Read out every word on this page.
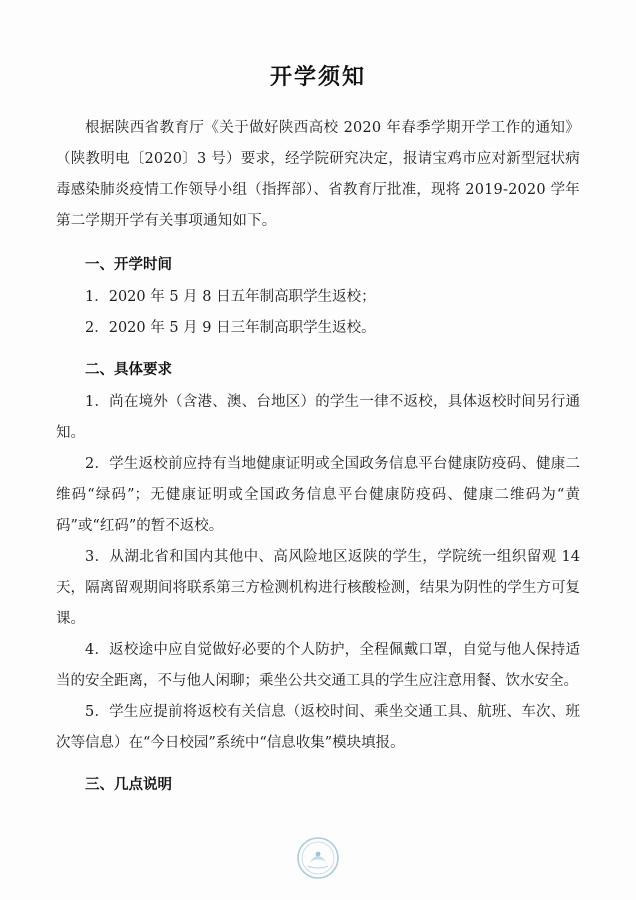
开学须知

根据陕西省教育厅《关于做好陕西高校 2020 年春季学期开学工作的通知》（陕教明电〔2020〕3 号）要求，经学院研究决定，报请宝鸡市应对新型冠状病毒感染肺炎疫情工作领导小组（指挥部）、省教育厅批准，现将 2019-2020 学年第二学期开学有关事项通知如下。

一、开学时间

1．2020 年 5 月 8 日五年制高职学生返校；

2．2020 年 5 月 9 日三年制高职学生返校。

二、具体要求

1．尚在境外（含港、澳、台地区）的学生一律不返校，具体返校时间另行通知。

2．学生返校前应持有当地健康证明或全国政务信息平台健康防疫码、健康二维码“绿码”；无健康证明或全国政务信息平台健康防疫码、健康二维码为“黄码”或“红码”的暂不返校。

3．从湖北省和国内其他中、高风险地区返陕的学生，学院统一组织留观 14 天，隔离留观期间将联系第三方检测机构进行核酸检测，结果为阴性的学生方可复课。

4．返校途中应自觉做好必要的个人防护，全程佩戴口罩，自觉与他人保持适当的安全距离，不与他人闲聊；乘坐公共交通工具的学生应注意用餐、饮水安全。

5．学生应提前将返校有关信息（返校时间、乘坐交通工具、航班、车次、班次等信息）在“今日校园”系统中“信息收集”模块填报。

三、几点说明
